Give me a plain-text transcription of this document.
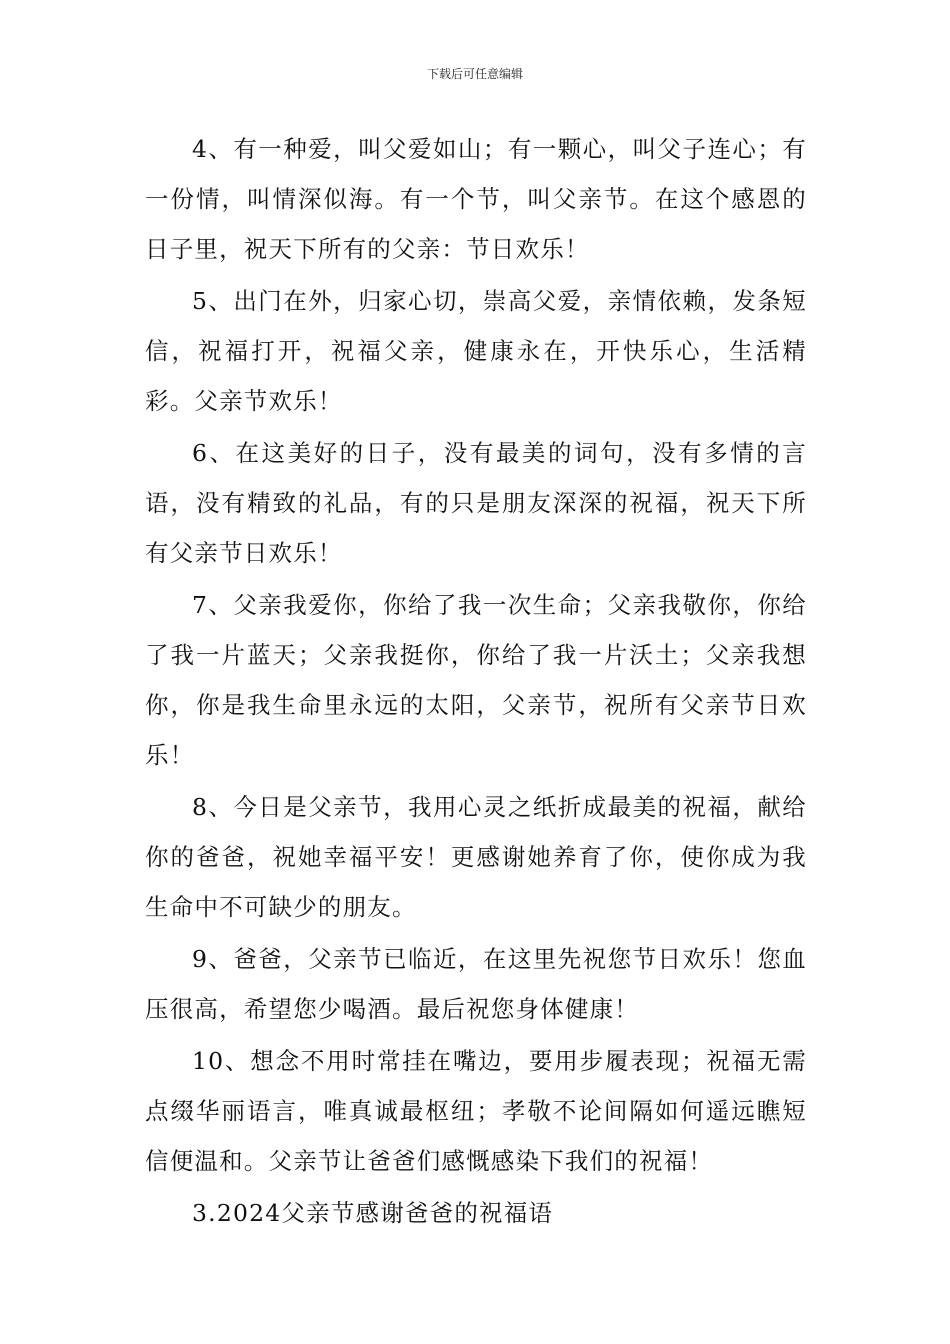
下载后可任意编辑

4、有一种爱，叫父爱如山；有一颗心，叫父子连心；有一份情，叫情深似海。有一个节，叫父亲节。在这个感恩的日子里，祝天下所有的父亲：节日欢乐！

5、出门在外，归家心切，崇高父爱，亲情依赖，发条短信，祝福打开，祝福父亲，健康永在，开快乐心，生活精彩。父亲节欢乐！

6、在这美好的日子，没有最美的词句，没有多情的言语，没有精致的礼品，有的只是朋友深深的祝福，祝天下所有父亲节日欢乐！

7、父亲我爱你，你给了我一次生命；父亲我敬你，你给了我一片蓝天；父亲我挺你，你给了我一片沃土；父亲我想你，你是我生命里永远的太阳，父亲节，祝所有父亲节日欢乐！

8、今日是父亲节，我用心灵之纸折成最美的祝福，献给你的爸爸，祝她幸福平安！更感谢她养育了你，使你成为我生命中不可缺少的朋友。

9、爸爸，父亲节已临近，在这里先祝您节日欢乐！您血压很高，希望您少喝酒。最后祝您身体健康！

10、想念不用时常挂在嘴边，要用步履表现；祝福无需点缀华丽语言，唯真诚最枢纽；孝敬不论间隔如何遥远瞧短信便温和。父亲节让爸爸们感慨感染下我们的祝福！

3.2024父亲节感谢爸爸的祝福语
